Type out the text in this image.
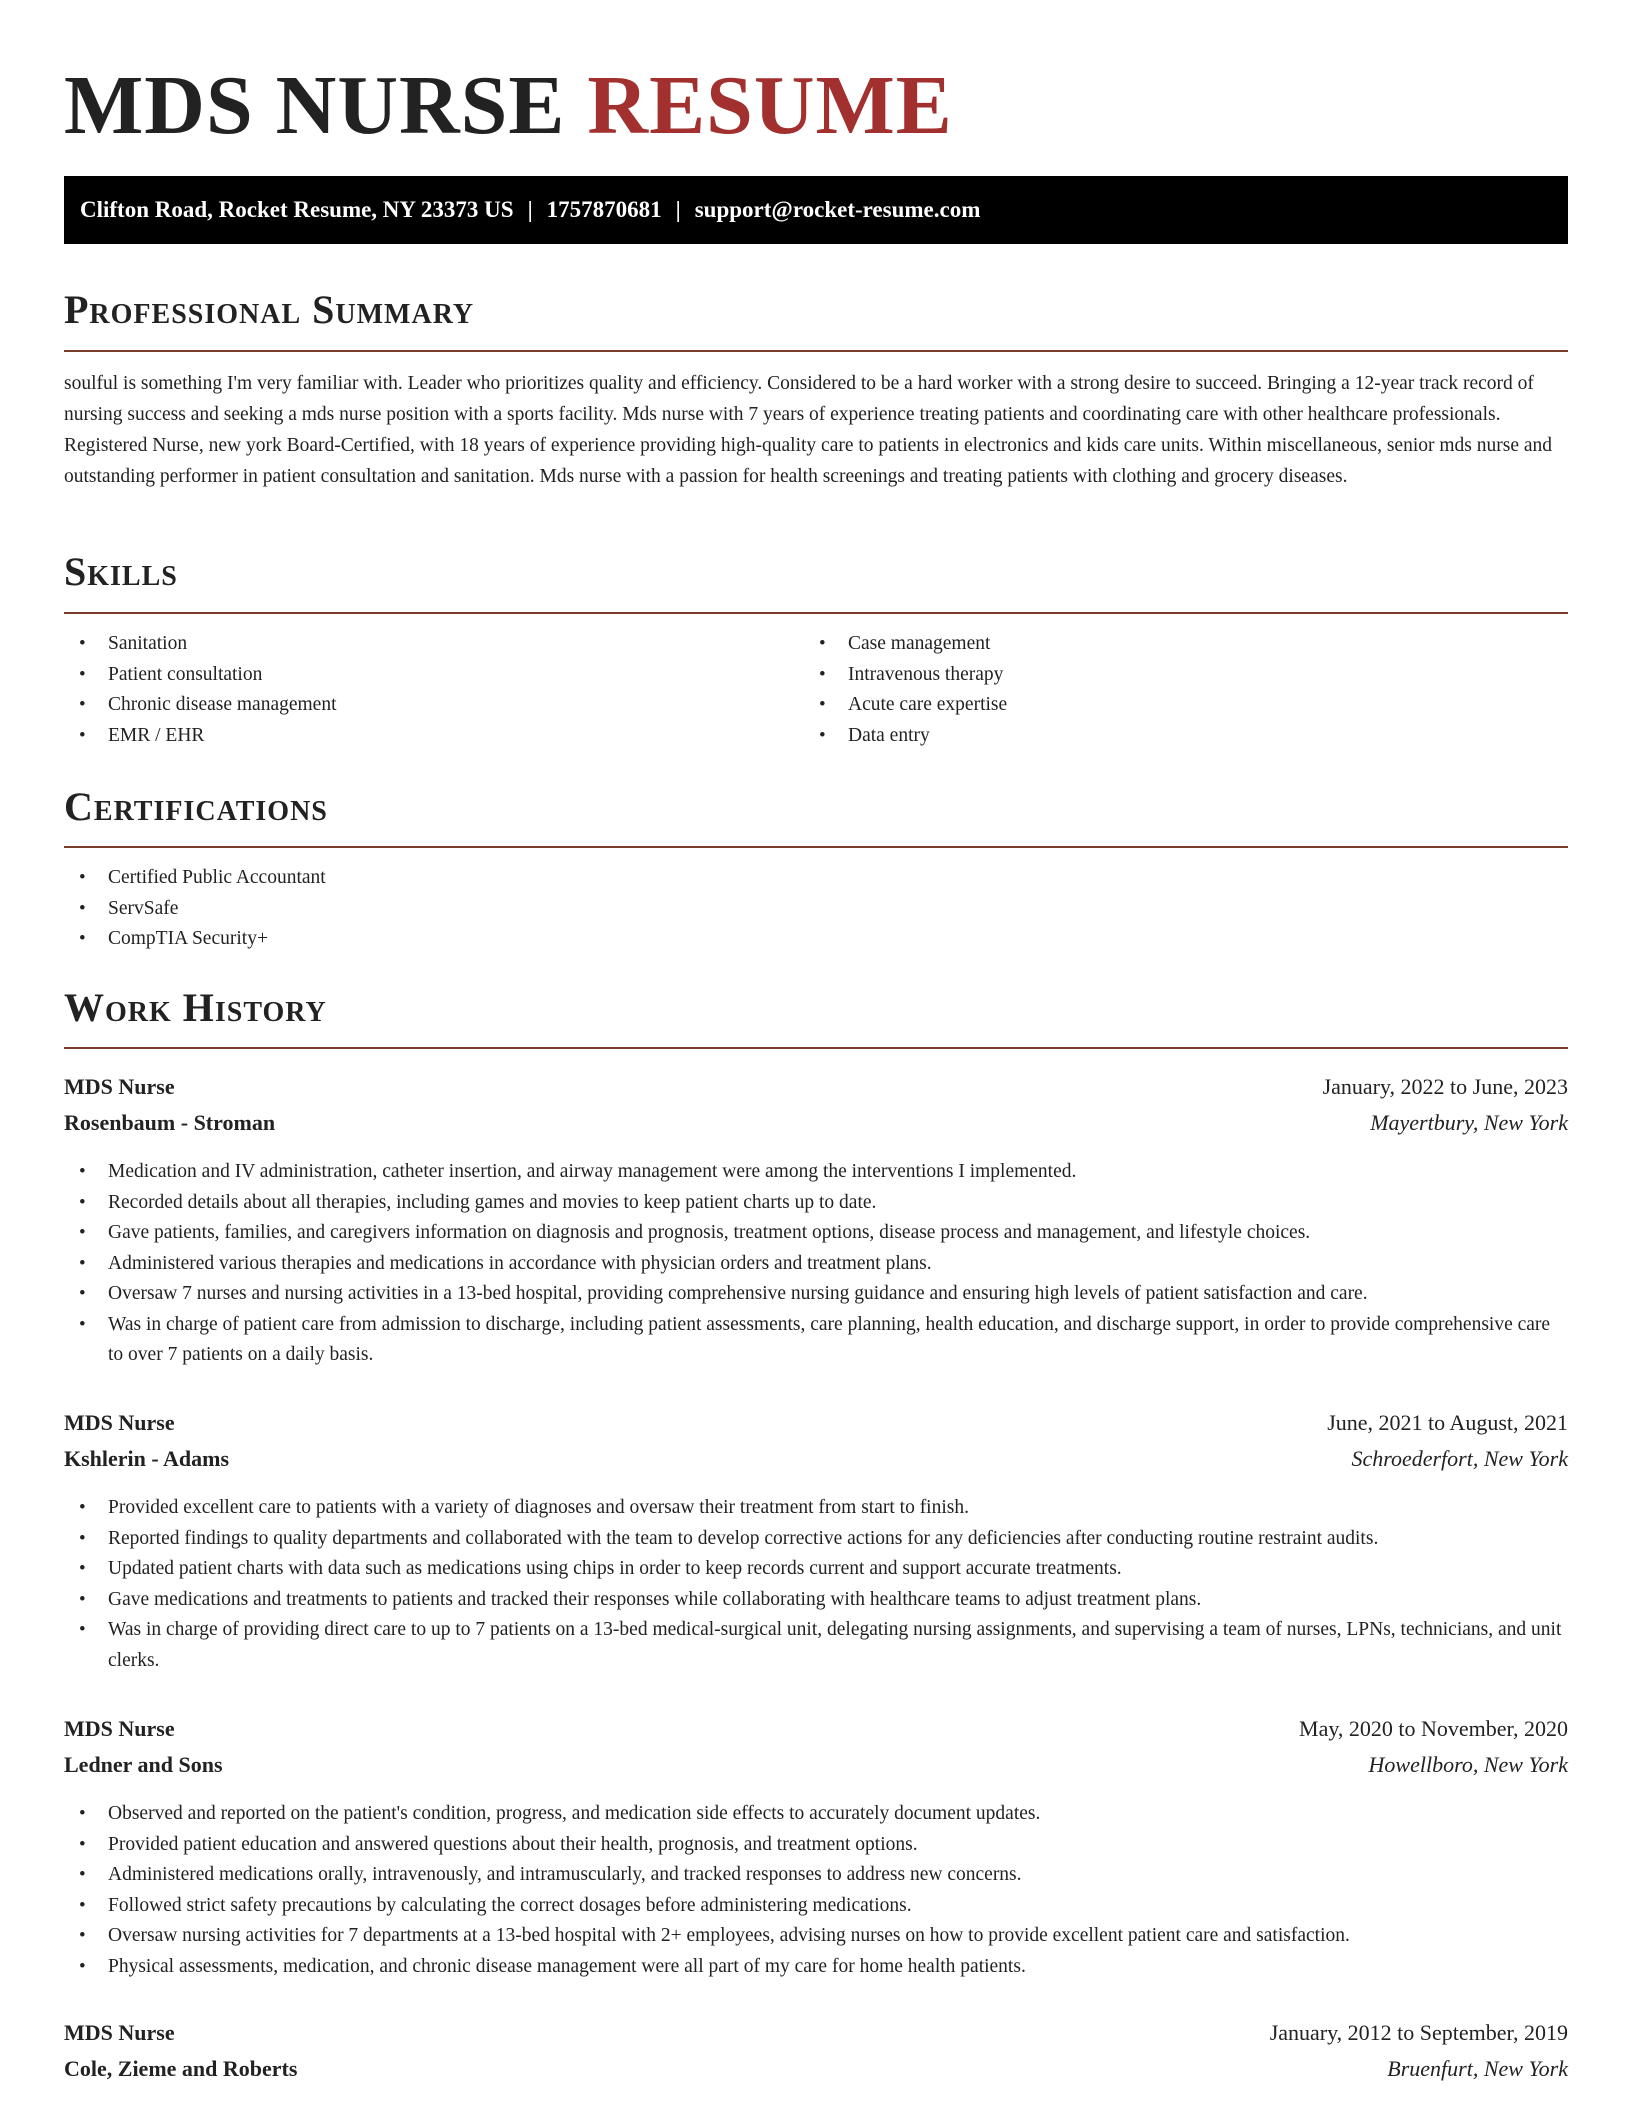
MDS NURSE RESUME
Clifton Road, Rocket Resume, NY 23373 US | 1757870681 | support@rocket-resume.com
Professional Summary

soulful is something I'm very familiar with. Leader who prioritizes quality and efficiency. Considered to be a hard worker with a strong desire to succeed. Bringing a 12-year track record of nursing success and seeking a mds nurse position with a sports facility. Mds nurse with 7 years of experience treating patients and coordinating care with other healthcare professionals. Registered Nurse, new york Board-Certified, with 18 years of experience providing high-quality care to patients in electronics and kids care units. Within miscellaneous, senior mds nurse and outstanding performer in patient consultation and sanitation. Mds nurse with a passion for health screenings and treating patients with clothing and grocery diseases.

Skills
• Sanitation
• Patient consultation
• Chronic disease management
• EMR / EHR
• Case management
• Intravenous therapy
• Acute care expertise
• Data entry
Certifications
• Certified Public Accountant
• ServSafe
• CompTIA Security+
Work History
MDS Nurse	January, 2022 to June, 2023
Rosenbaum - Stroman	Mayertbury, New York
• Medication and IV administration, catheter insertion, and airway management were among the interventions I implemented.
• Recorded details about all therapies, including games and movies to keep patient charts up to date.
• Gave patients, families, and caregivers information on diagnosis and prognosis, treatment options, disease process and management, and lifestyle choices.
• Administered various therapies and medications in accordance with physician orders and treatment plans.
• Oversaw 7 nurses and nursing activities in a 13-bed hospital, providing comprehensive nursing guidance and ensuring high levels of patient satisfaction and care.
• Was in charge of patient care from admission to discharge, including patient assessments, care planning, health education, and discharge support, in order to provide comprehensive care to over 7 patients on a daily basis.
MDS Nurse	June, 2021 to August, 2021
Kshlerin - Adams	Schroederfort, New York
• Provided excellent care to patients with a variety of diagnoses and oversaw their treatment from start to finish.
• Reported findings to quality departments and collaborated with the team to develop corrective actions for any deficiencies after conducting routine restraint audits.
• Updated patient charts with data such as medications using chips in order to keep records current and support accurate treatments.
• Gave medications and treatments to patients and tracked their responses while collaborating with healthcare teams to adjust treatment plans.
• Was in charge of providing direct care to up to 7 patients on a 13-bed medical-surgical unit, delegating nursing assignments, and supervising a team of nurses, LPNs, technicians, and unit clerks.
MDS Nurse	May, 2020 to November, 2020
Ledner and Sons	Howellboro, New York
• Observed and reported on the patient's condition, progress, and medication side effects to accurately document updates.
• Provided patient education and answered questions about their health, prognosis, and treatment options.
• Administered medications orally, intravenously, and intramuscularly, and tracked responses to address new concerns.
• Followed strict safety precautions by calculating the correct dosages before administering medications.
• Oversaw nursing activities for 7 departments at a 13-bed hospital with 2+ employees, advising nurses on how to provide excellent patient care and satisfaction.
• Physical assessments, medication, and chronic disease management were all part of my care for home health patients.
MDS Nurse	January, 2012 to September, 2019
Cole, Zieme and Roberts	Bruenfurt, New York
